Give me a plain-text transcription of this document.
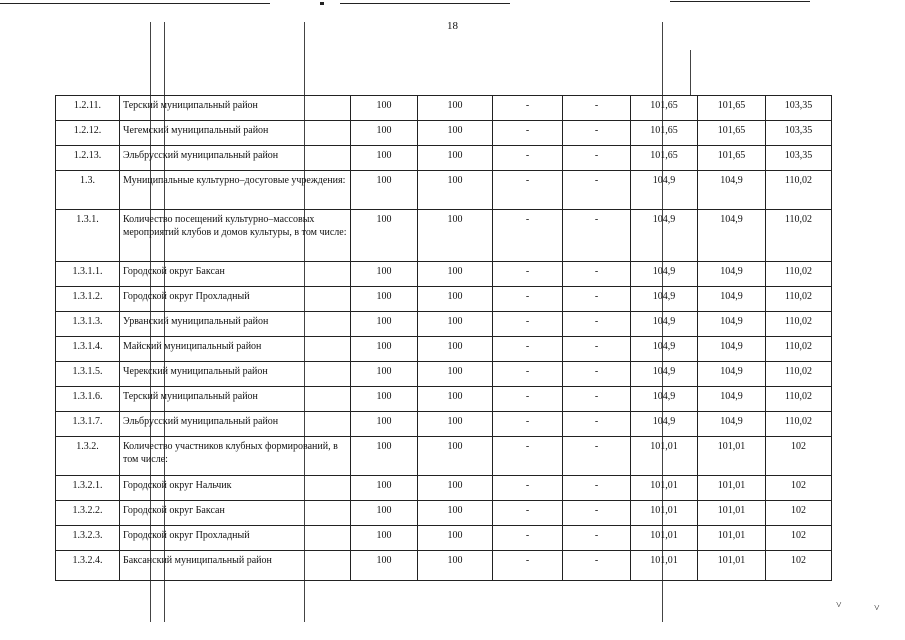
18
1.2.11.	Терский муниципальный район	100	100	-	-	101,65	101,65	103,35
1.2.12.	Чегемский муниципальный район	100	100	-	-	101,65	101,65	103,35
1.2.13.	Эльбрусский муниципальный район	100	100	-	-	101,65	101,65	103,35
1.3.	Муниципальные культурно–досуговые учреждения:	100	100	-	-	104,9	104,9	110,02
1.3.1.	Количество посещений культурно–массовых мероприятий клубов и домов культуры, в том числе:	100	100	-	-	104,9	104,9	110,02
1.3.1.1.	Городской округ Баксан	100	100	-	-	104,9	104,9	110,02
1.3.1.2.	Городской округ Прохладный	100	100	-	-	104,9	104,9	110,02
1.3.1.3.	Урванский муниципальный район	100	100	-	-	104,9	104,9	110,02
1.3.1.4.	Майский муниципальный район	100	100	-	-	104,9	104,9	110,02
1.3.1.5.	Черекский муниципальный район	100	100	-	-	104,9	104,9	110,02
1.3.1.6.	Терский муниципальный район	100	100	-	-	104,9	104,9	110,02
1.3.1.7.	Эльбрусский муниципальный район	100	100	-	-	104,9	104,9	110,02
1.3.2.	Количество участников клубных формирований, в том числе:	100	100	-	-	101,01	101,01	102
1.3.2.1.	Городской округ Нальчик	100	100	-	-	101,01	101,01	102
1.3.2.2.	Городской округ Баксан	100	100	-	-	101,01	101,01	102
1.3.2.3.	Городской округ Прохладный	100	100	-	-	101,01	101,01	102
1.3.2.4.	Баксанский муниципальный район	100	100	-	-	101,01	101,01	102
˅	˅
